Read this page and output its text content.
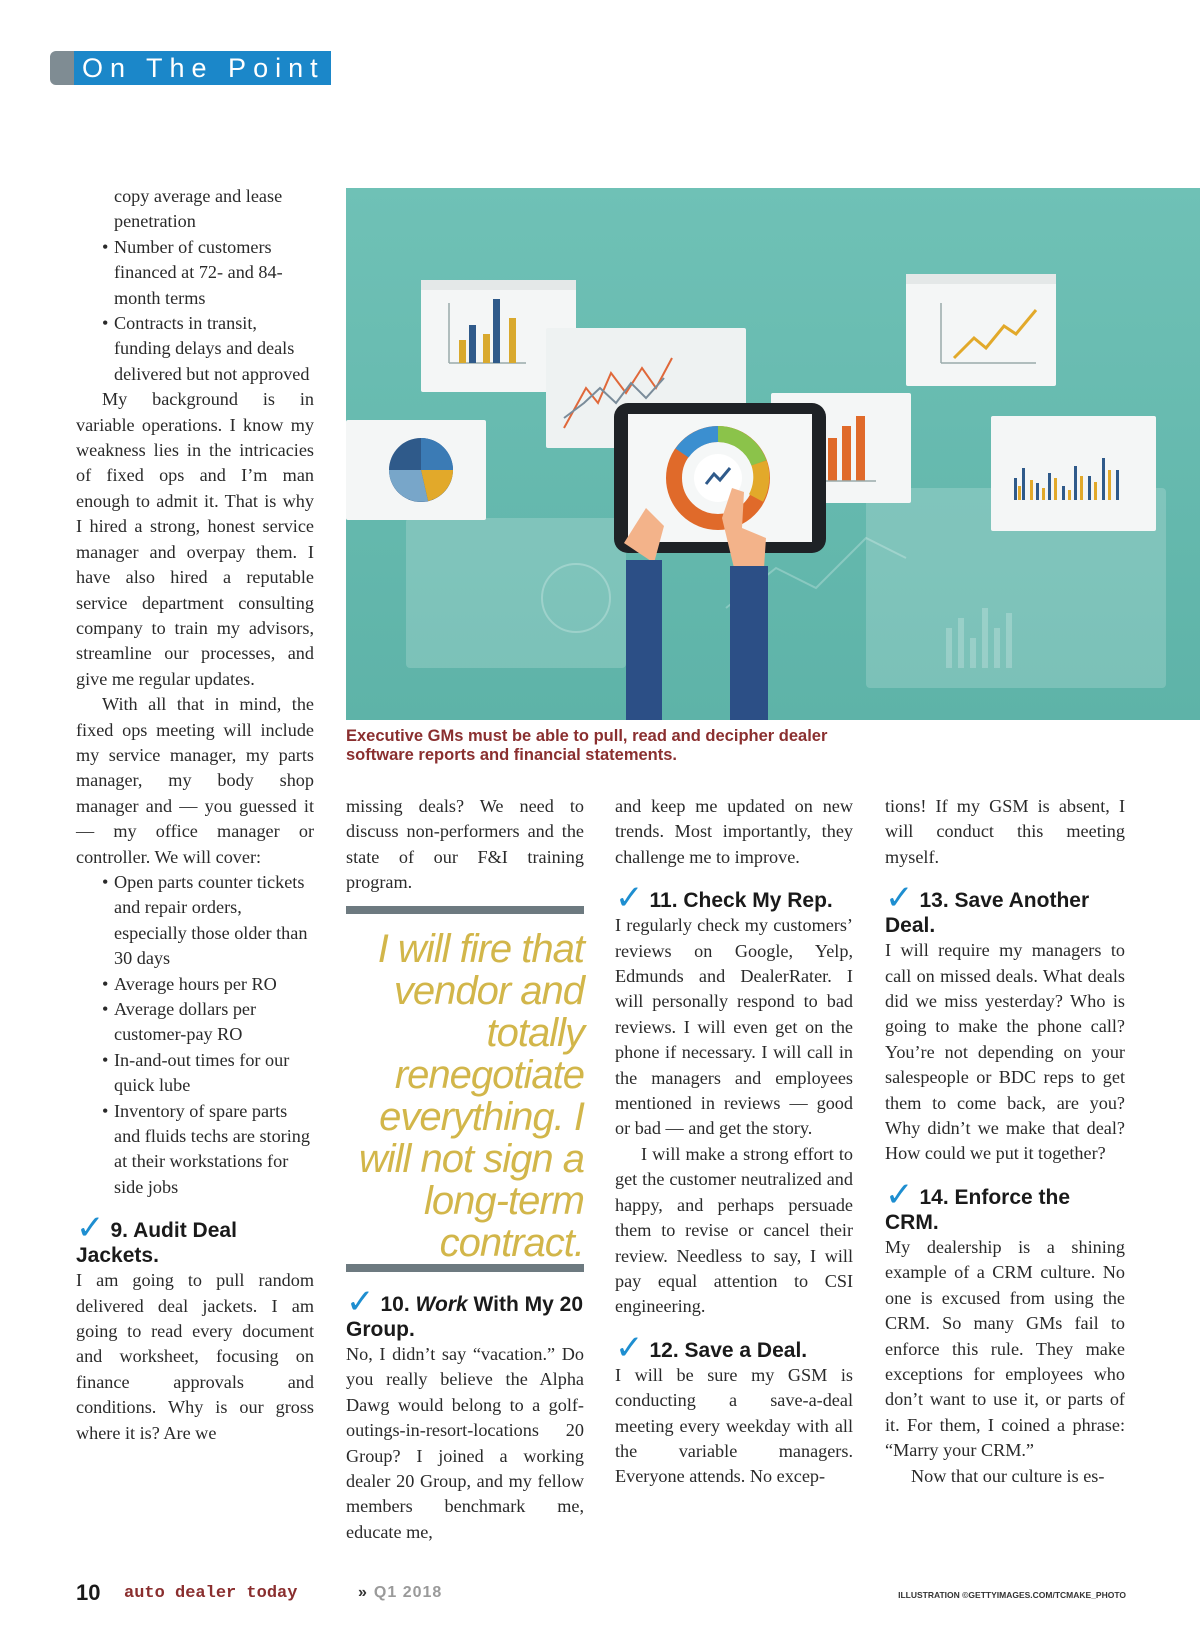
On The Point
copy average and lease
penetration
• Number of customers financed at 72- and 84-month terms
• Contracts in transit, funding delays and deals delivered but not approved

My background is in variable operations. I know my weakness lies in the intricacies of fixed ops and I’m man enough to admit it. That is why I hired a strong, honest service manager and overpay them. I have also hired a reputable service department consulting company to train my advisors, streamline our processes, and give me regular updates.

With all that in mind, the fixed ops meeting will include my service manager, my parts manager, my body shop manager and — you guessed it — my office manager or controller. We will cover:

• Open parts counter tickets and repair orders, especially those older than 30 days
• Average hours per RO
• Average dollars per customer-pay RO
• In-and-out times for our quick lube
• Inventory of spare parts and fluids techs are storing at their workstations for side jobs
✓ 9. Audit Deal Jackets.

I am going to pull random delivered deal jackets. I am going to read every document and worksheet, focusing on finance approvals and conditions. Why is our gross where it is? Are we

Executive GMs must be able to pull, read and decipher dealer software reports and financial statements.

missing deals? We need to discuss non-performers and the state of our F&I training program.

I will fire that vendor and totally renegotiate everything. I will not sign a long-term contract.
✓ 10. Work With My 20 Group.

No, I didn’t say “vacation.” Do you really believe the Alpha Dawg would belong to a golf-outings-in-resort-locations 20 Group? I joined a working dealer 20 Group, and my fellow members benchmark me, educate me,

and keep me updated on new trends. Most importantly, they challenge me to improve.

✓ 11. Check My Rep.

I regularly check my customers’ reviews on Google, Yelp, Edmunds and DealerRater. I will personally respond to bad reviews. I will even get on the phone if necessary. I will call in the managers and employees mentioned in reviews — good or bad — and get the story.

I will make a strong effort to get the customer neutralized and happy, and perhaps persuade them to revise or cancel their review. Needless to say, I will pay equal attention to CSI engineering.

✓ 12. Save a Deal.

I will be sure my GSM is conducting a save-a-deal meeting every weekday with all the variable managers. Everyone attends. No excep-

tions! If my GSM is absent, I will conduct this meeting myself.

✓ 13. Save Another Deal.

I will require my managers to call on missed deals. What deals did we miss yesterday? Who is going to make the phone call? You’re not depending on your salespeople or BDC reps to get them to come back, are you? Why didn’t we make that deal? How could we put it together?

✓ 14. Enforce the CRM.

My dealership is a shining example of a CRM culture. No one is excused from using the CRM. So many GMs fail to enforce this rule. They make exceptions for employees who don’t want to use it, or parts of it. For them, I coined a phrase: “Marry your CRM.”

Now that our culture is es-

10 auto dealer today	» Q1 2018	ILLUSTRATION ©GETTYIMAGES.COM/TCMAKE_PHOTO
